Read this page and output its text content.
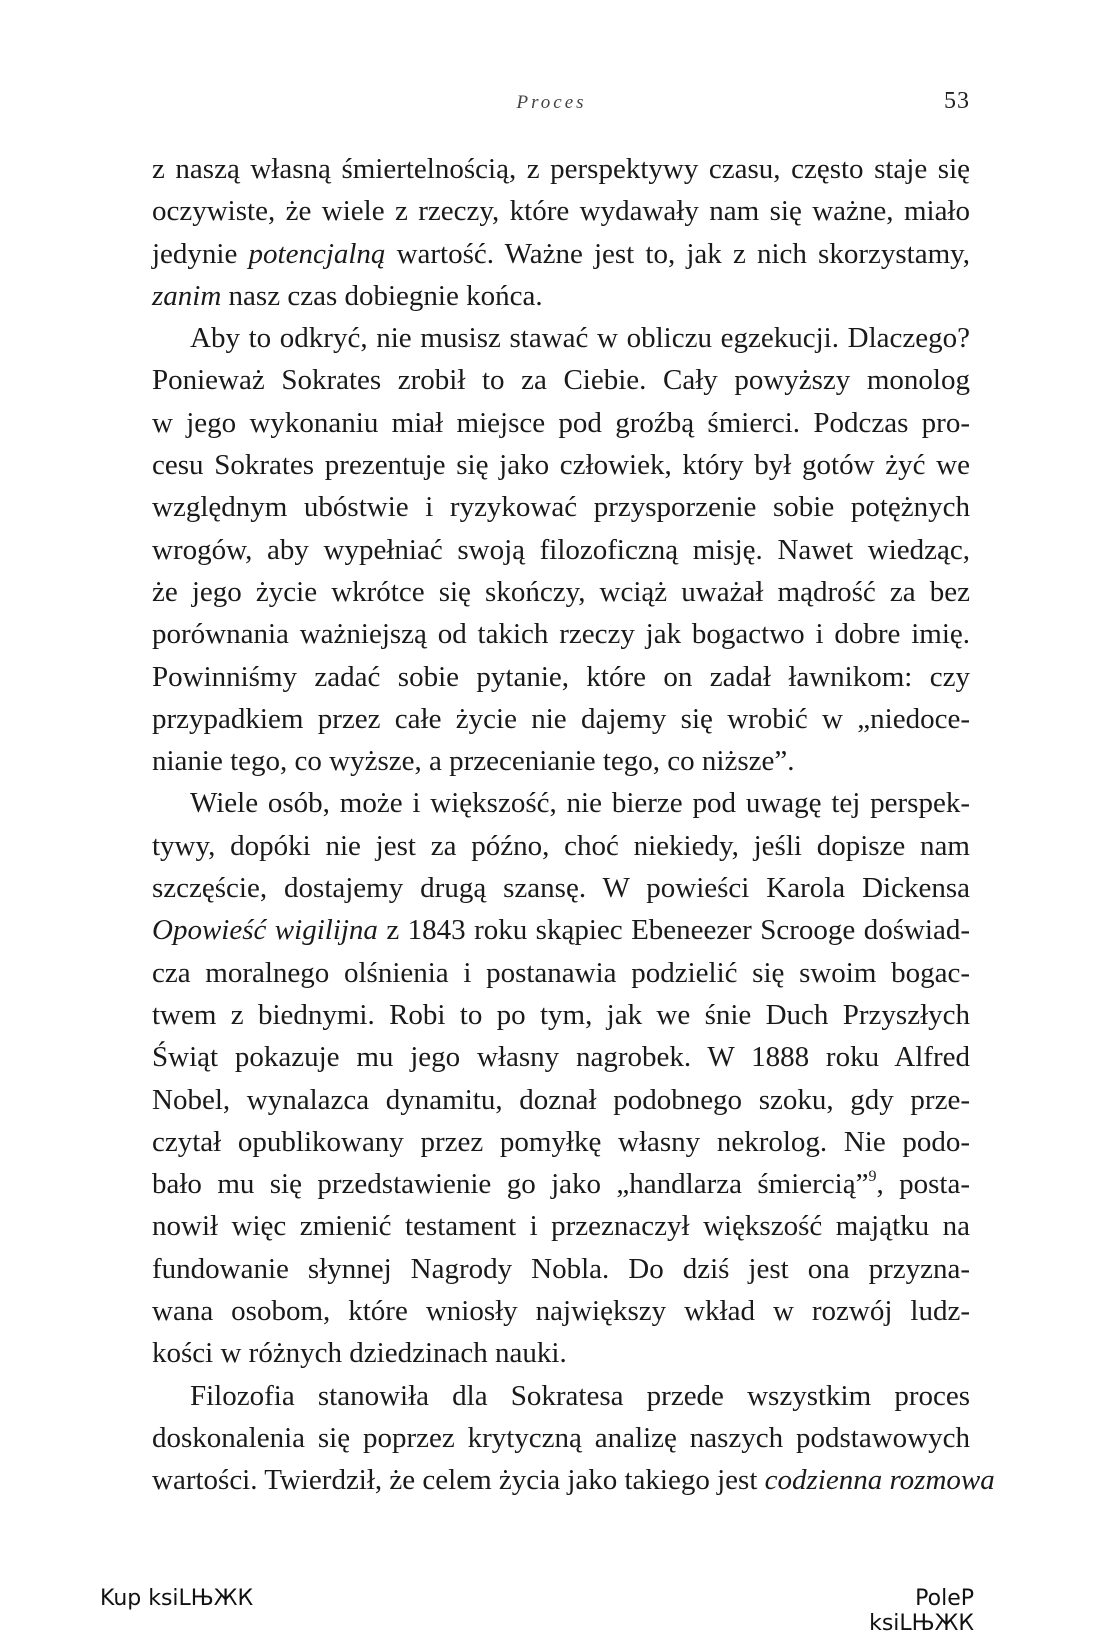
Proces	53
z naszą własną śmiertelnością, z perspektywy czasu, często staje się
oczywiste, że wiele z rzeczy, które wydawały nam się ważne, miało
jedynie potencjalną wartość. Ważne jest to, jak z nich skorzystamy,
zanim nasz czas dobiegnie końca.
Aby to odkryć, nie musisz stawać w obliczu egzekucji. Dlaczego?
Ponieważ Sokrates zrobił to za Ciebie. Cały powyższy monolog
w jego wykonaniu miał miejsce pod groźbą śmierci. Podczas pro-
cesu Sokrates prezentuje się jako człowiek, który był gotów żyć we
względnym ubóstwie i ryzykować przysporzenie sobie potężnych
wrogów, aby wypełniać swoją filozoficzną misję. Nawet wiedząc,
że jego życie wkrótce się skończy, wciąż uważał mądrość za bez
porównania ważniejszą od takich rzeczy jak bogactwo i dobre imię.
Powinniśmy zadać sobie pytanie, które on zadał ławnikom: czy
przypadkiem przez całe życie nie dajemy się wrobić w „niedoce-
nianie tego, co wyższe, a przecenianie tego, co niższe”.
Wiele osób, może i większość, nie bierze pod uwagę tej perspek-
tywy, dopóki nie jest za późno, choć niekiedy, jeśli dopisze nam
szczęście, dostajemy drugą szansę. W powieści Karola Dickensa
Opowieść wigilijna z 1843 roku skąpiec Ebeneezer Scrooge doświad-
cza moralnego olśnienia i postanawia podzielić się swoim bogac-
twem z biednymi. Robi to po tym, jak we śnie Duch Przyszłych
Świąt pokazuje mu jego własny nagrobek. W 1888 roku Alfred
Nobel, wynalazca dynamitu, doznał podobnego szoku, gdy prze-
czytał opublikowany przez pomyłkę własny nekrolog. Nie podo-
bało mu się przedstawienie go jako „handlarza śmiercią”$^9$, posta-
nowił więc zmienić testament i przeznaczył większość majątku na
fundowanie słynnej Nagrody Nobla. Do dziś jest ona przyzna-
wana osobom, które wniosły największy wkład w rozwój ludz-
kości w różnych dziedzinach nauki.
Filozofia stanowiła dla Sokratesa przede wszystkim proces
doskonalenia się poprzez krytyczną analizę naszych podstawowych
wartości. Twierdził, że celem życia jako takiego jest codzienna rozmowa
Kup ksiLЊЖК	PoleP ksiLЊЖК
